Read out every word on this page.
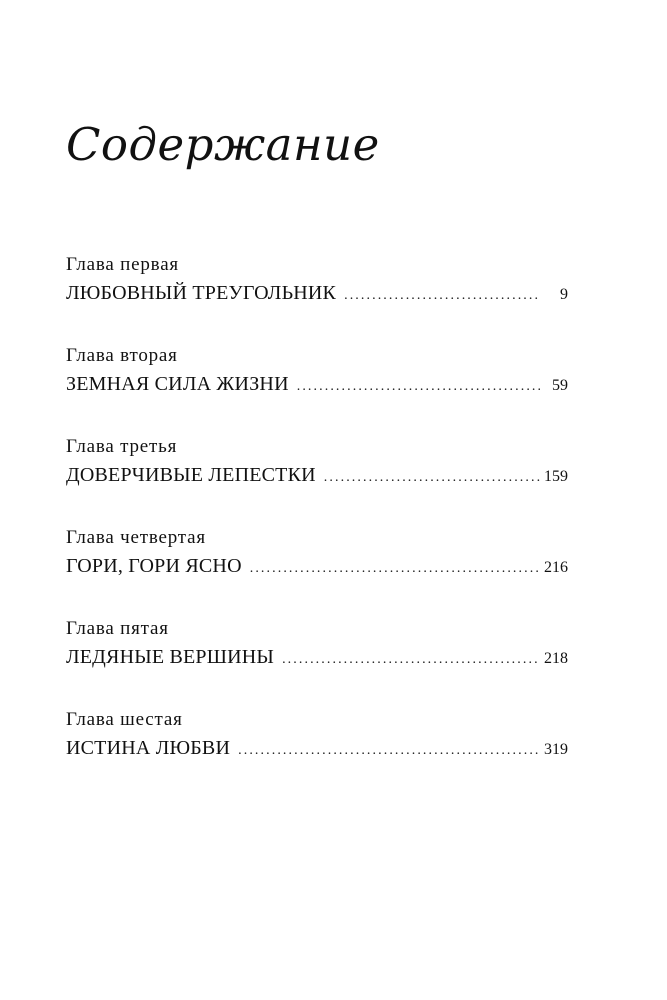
Содержание
Глава первая
ЛЮБОВНЫЙ ТРЕУГОЛЬНИК . . .	9
Глава вторая
ЗЕМНАЯ СИЛА ЖИЗНИ . . .	59
Глава третья
ДОВЕРЧИВЫЕ ЛЕПЕСТКИ . . .	159
Глава четвертая
ГОРИ, ГОРИ ЯСНО . . .	216
Глава пятая
ЛЕДЯНЫЕ ВЕРШИНЫ . . .	218
Глава шестая
ИСТИНА ЛЮБВИ . . .	319
